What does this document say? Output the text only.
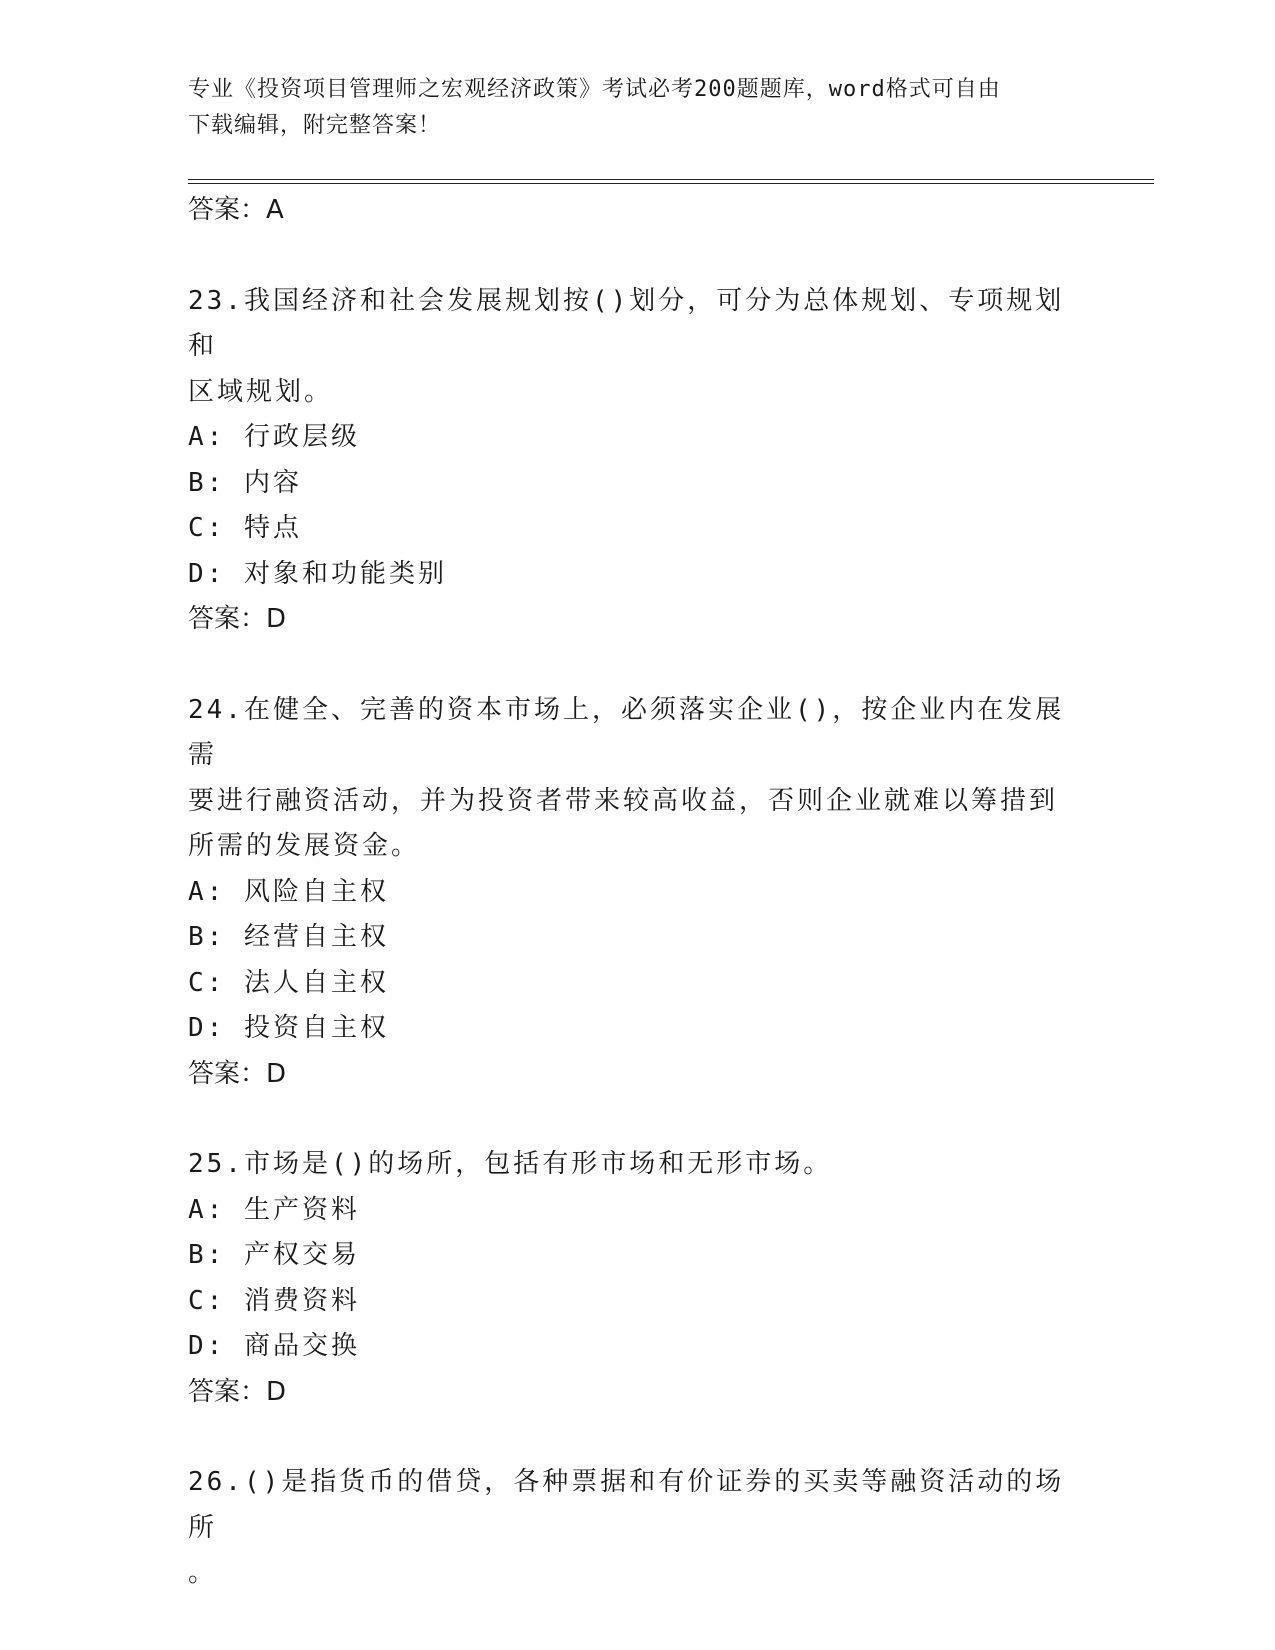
专业《投资项目管理师之宏观经济政策》考试必考200题题库，word格式可自由
下载编辑，附完整答案！
答案：A
23.我国经济和社会发展规划按()划分，可分为总体规划、专项规划和
区域规划。
A: 行政层级
B: 内容
C: 特点
D: 对象和功能类别
答案：D
24.在健全、完善的资本市场上，必须落实企业()，按企业内在发展需
要进行融资活动，并为投资者带来较高收益，否则企业就难以筹措到
所需的发展资金。
A: 风险自主权
B: 经营自主权
C: 法人自主权
D: 投资自主权
答案：D
25.市场是()的场所，包括有形市场和无形市场。
A: 生产资料
B: 产权交易
C: 消费资料
D: 商品交换
答案：D
26.()是指货币的借贷，各种票据和有价证券的买卖等融资活动的场所
。
